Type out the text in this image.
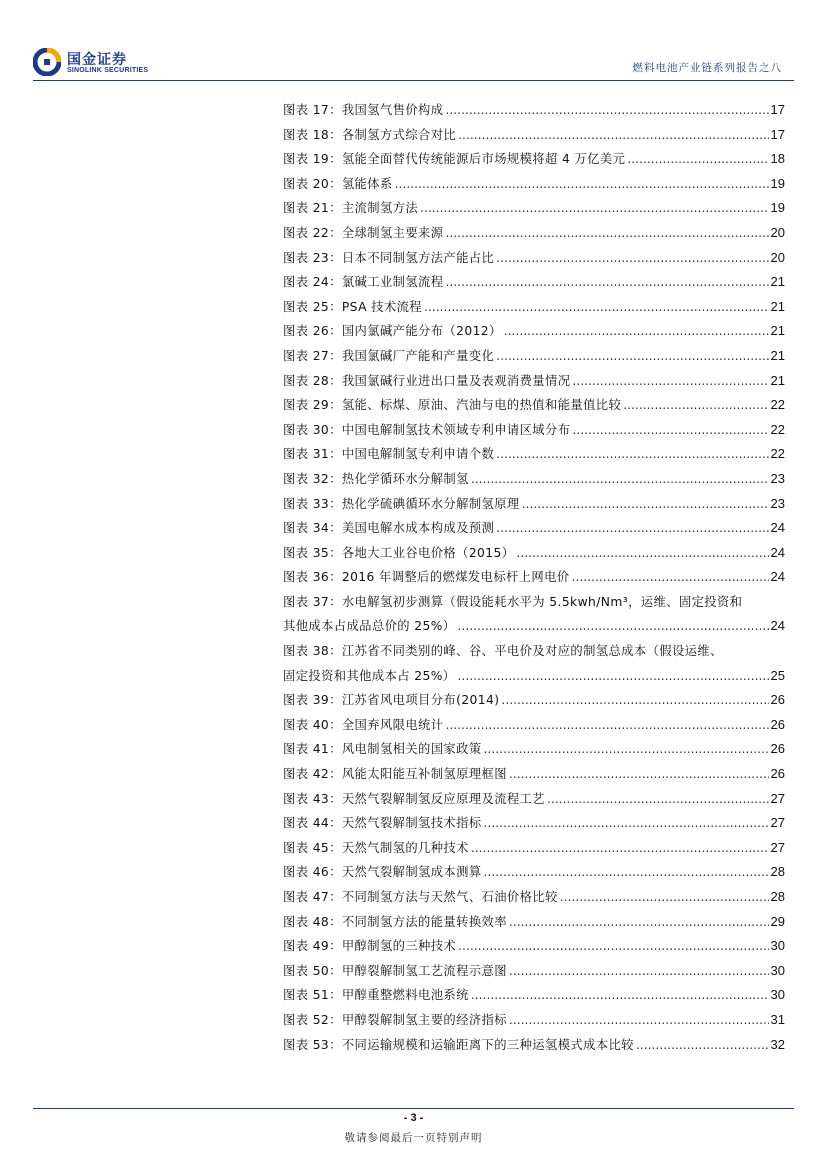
国金证券
SINOLINK SECURITIES	燃料电池产业链系列报告之八
图表 17：我国氢气售价构成 .....	17
图表 18：各制氢方式综合对比 .....	17
图表 19：氢能全面替代传统能源后市场规模将超 4 万亿美元 .....	18
图表 20：氢能体系 .....	19
图表 21：主流制氢方法 .....	19
图表 22：全球制氢主要来源 .....	20
图表 23：日本不同制氢方法产能占比 .....	20
图表 24：氯碱工业制氢流程 .....	21
图表 25：PSA 技术流程 .....	21
图表 26：国内氯碱产能分布（2012） .....	21
图表 27：我国氯碱厂产能和产量变化 .....	21
图表 28：我国氯碱行业进出口量及表观消费量情况 .....	21
图表 29：氢能、标煤、原油、汽油与电的热值和能量值比较 .....	22
图表 30：中国电解制氢技术领域专利申请区域分布 .....	22
图表 31：中国电解制氢专利申请个数 .....	22
图表 32：热化学循环水分解制氢 .....	23
图表 33：热化学硫碘循环水分解制氢原理 .....	23
图表 34：美国电解水成本构成及预测 .....	24
图表 35：各地大工业谷电价格（2015） .....	24
图表 36：2016 年调整后的燃煤发电标杆上网电价 .....	24
图表 37：水电解氢初步测算（假设能耗水平为 5.5kwh/Nm³，运维、固定投资和
其他成本占成品总价的 25%） .....	24
图表 38：江苏省不同类别的峰、谷、平电价及对应的制氢总成本（假设运维、
固定投资和其他成本占 25%） .....	25
图表 39：江苏省风电项目分布(2014) .....	26
图表 40：全国弃风限电统计 .....	26
图表 41：风电制氢相关的国家政策 .....	26
图表 42：风能太阳能互补制氢原理框图 .....	26
图表 43：天然气裂解制氢反应原理及流程工艺 .....	27
图表 44：天然气裂解制氢技术指标 .....	27
图表 45：天然气制氢的几种技术 .....	27
图表 46：天然气裂解制氢成本测算 .....	28
图表 47：不同制氢方法与天然气、石油价格比较 .....	28
图表 48：不同制氢方法的能量转换效率 .....	29
图表 49：甲醇制氢的三种技术 .....	30
图表 50：甲醇裂解制氢工艺流程示意图 .....	30
图表 51：甲醇重整燃料电池系统 .....	30
图表 52：甲醇裂解制氢主要的经济指标 .....	31
图表 53：不同运输规模和运输距离下的三种运氢模式成本比较 .....	32
- 3 -
敬请参阅最后一页特别声明
